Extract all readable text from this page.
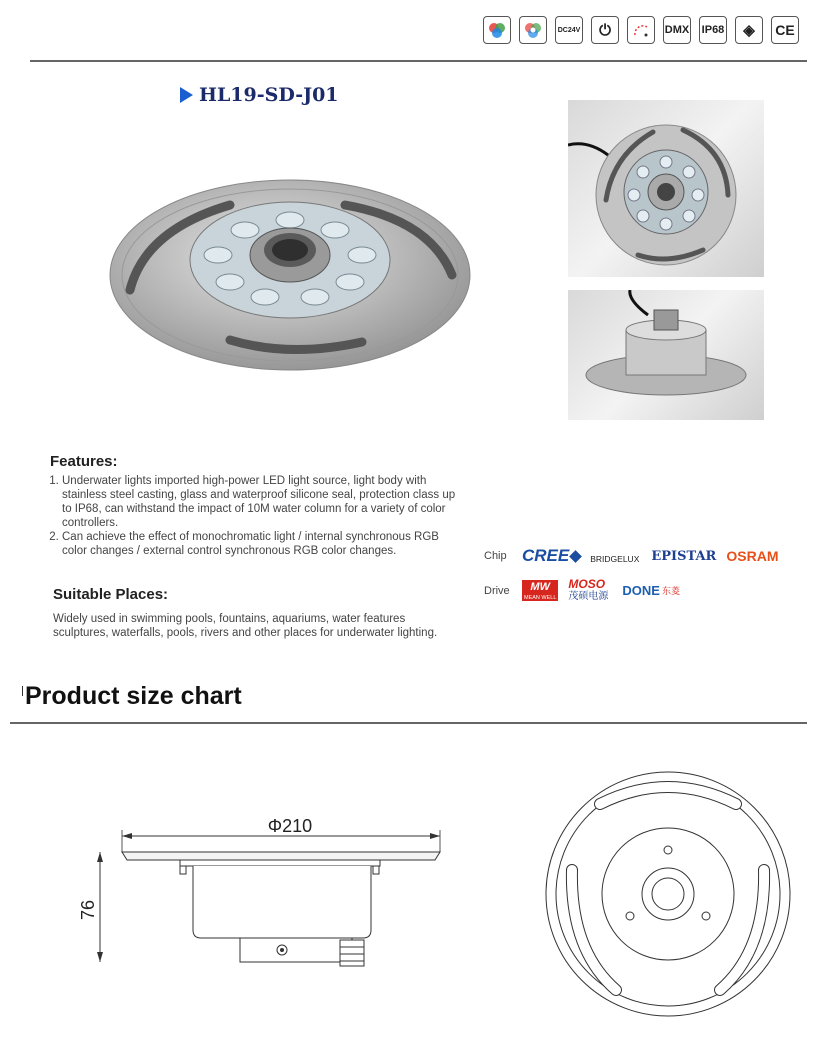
DC24V	⏻	DMX IP68	◈	CE
HL19-SD-J01
Features:
1. Underwater lights imported high-power LED light source, light body with stainless steel casting, glass and waterproof silicone seal, protection class up to IP68, can withstand the impact of 10M water column for a variety of color controllers.
2. Can achieve the effect of monochromatic light / internal synchronous RGB color changes / external control synchronous RGB color changes.
Suitable Places:
Widely used in swimming pools, fountains, aquariums, water features sculptures, waterfalls, pools, rivers and other places for underwater lighting.
Chip CREE BRIDGELUX EPISTAR OSRAM
Drive	MW
MEAN WELL
MOSO
茂硕电源 DONE 东菱
Product size chart
Φ210
76
